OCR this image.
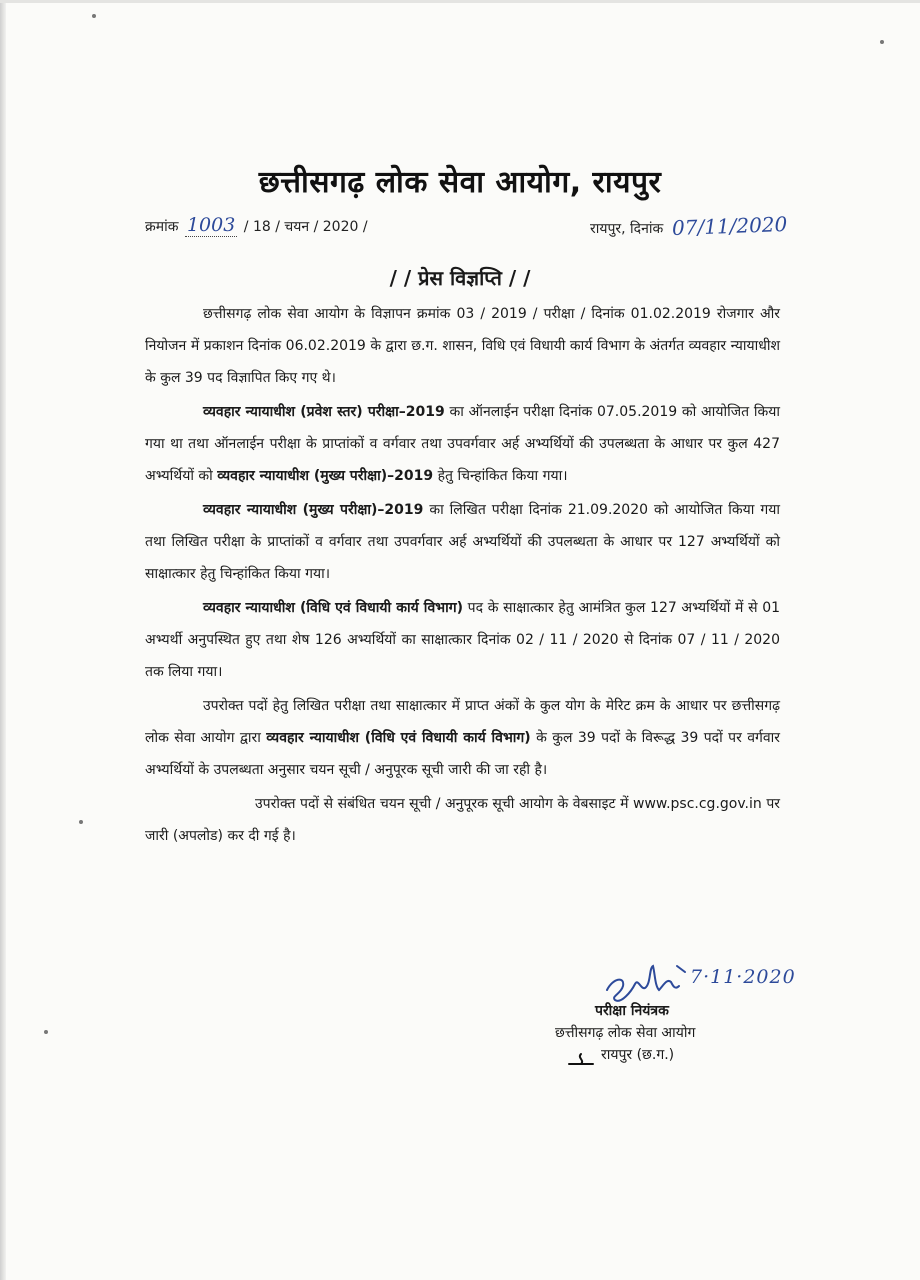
छत्तीसगढ़ लोक सेवा आयोग, रायपुर
क्रमांक 1003 / 18 / चयन / 2020 /	रायपुर, दिनांक 07/11/2020
/ / प्रेस विज्ञप्ति / /

छत्तीसगढ़ लोक सेवा आयोग के विज्ञापन क्रमांक 03 / 2019 / परीक्षा / दिनांक 01.02.2019 रोजगार और नियोजन में प्रकाशन दिनांक 06.02.2019 के द्वारा छ.ग. शासन, विधि एवं विधायी कार्य विभाग के अंतर्गत व्यवहार न्यायाधीश के कुल 39 पद विज्ञापित किए गए थे।

व्यवहार न्यायाधीश (प्रवेश स्तर) परीक्षा–2019 का ऑनलाईन परीक्षा दिनांक 07.05.2019 को आयोजित किया गया था तथा ऑनलाईन परीक्षा के प्राप्तांकों व वर्गवार तथा उपवर्गवार अर्ह अभ्यर्थियों की उपलब्धता के आधार पर कुल 427 अभ्यर्थियों को व्यवहार न्यायाधीश (मुख्य परीक्षा)–2019 हेतु चिन्हांकित किया गया।

व्यवहार न्यायाधीश (मुख्य परीक्षा)–2019 का लिखित परीक्षा दिनांक 21.09.2020 को आयोजित किया गया तथा लिखित परीक्षा के प्राप्तांकों व वर्गवार तथा उपवर्गवार अर्ह अभ्यर्थियों की उपलब्धता के आधार पर 127 अभ्यर्थियों को साक्षात्कार हेतु चिन्हांकित किया गया।

व्यवहार न्यायाधीश (विधि एवं विधायी कार्य विभाग) पद के साक्षात्कार हेतु आमंत्रित कुल 127 अभ्यर्थियों में से 01 अभ्यर्थी अनुपस्थित हुए तथा शेष 126 अभ्यर्थियों का साक्षात्कार दिनांक 02 / 11 / 2020 से दिनांक 07 / 11 / 2020 तक लिया गया।

उपरोक्त पदों हेतु लिखित परीक्षा तथा साक्षात्कार में प्राप्त अंकों के कुल योग के मेरिट क्रम के आधार पर छत्तीसगढ़ लोक सेवा आयोग द्वारा व्यवहार न्यायाधीश (विधि एवं विधायी कार्य विभाग) के कुल 39 पदों के विरूद्ध 39 पदों पर वर्गवार अभ्यर्थियों के उपलब्धता अनुसार चयन सूची / अनुपूरक सूची जारी की जा रही है।

उपरोक्त पदों से संबंधित चयन सूची / अनुपूरक सूची आयोग के वेबसाइट में www.psc.cg.gov.in पर जारी (अपलोड) कर दी गई है।

7·11·2020
परीक्षा नियंत्रक
छत्तीसगढ़ लोक सेवा आयोग
रायपुर (छ.ग.)
